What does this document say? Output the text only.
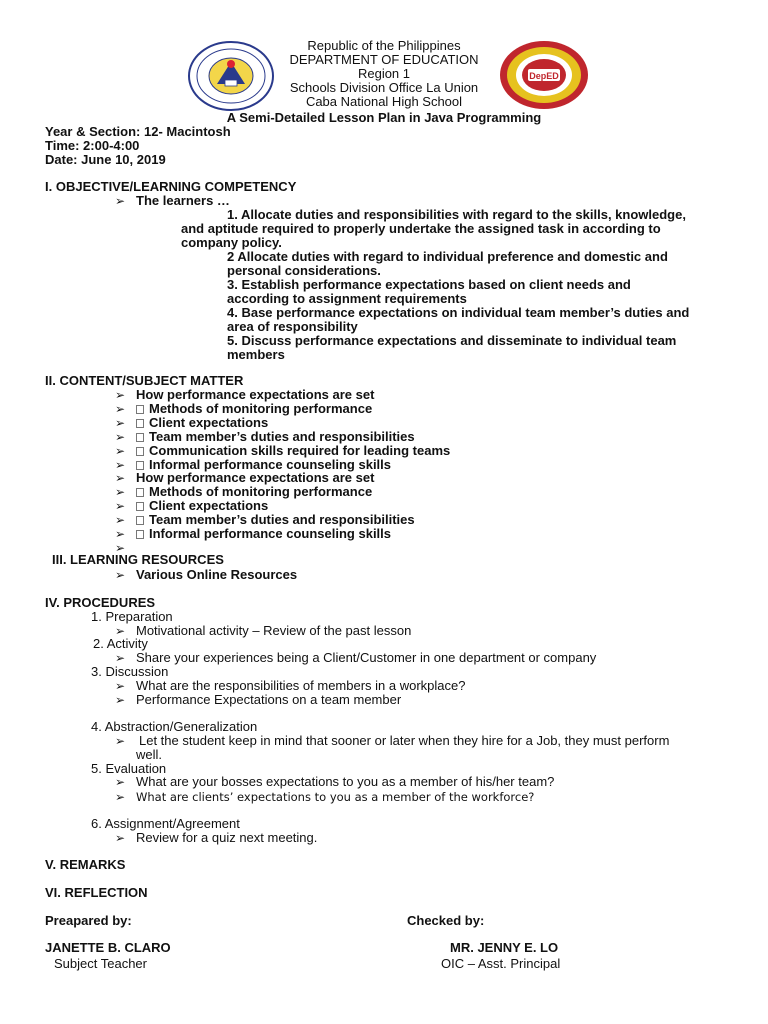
DepED
Republic of the Philippines
DEPARTMENT OF EDUCATION
Region 1
Schools Division Office La Union
Caba National High School
A Semi-Detailed Lesson Plan in Java Programming
Year & Section: 12- Macintosh
Time: 2:00-4:00
Date: June 10, 2019
I. OBJECTIVE/LEARNING COMPETENCY
➢ The learners …
1. Allocate duties and responsibilities with regard to the skills, knowledge,
and aptitude required to properly undertake the assigned task in according to
company policy.
2 Allocate duties with regard to individual preference and domestic and
personal considerations.
3. Establish performance expectations based on client needs and
according to assignment requirements
4. Base performance expectations on individual team member’s duties and
area of responsibility
5. Discuss performance expectations and disseminate to individual team
members
II. CONTENT/SUBJECT MATTER
➢ How performance expectations are set
➢	Methods of monitoring performance
➢	Client expectations
➢	Team member’s duties and responsibilities
➢	Communication skills required for leading teams
➢	Informal performance counseling skills
➢ How performance expectations are set
➢	Methods of monitoring performance
➢	Client expectations
➢	Team member’s duties and responsibilities
➢	Informal performance counseling skills
➢
III. LEARNING RESOURCES
➢ Various Online Resources
IV. PROCEDURES
1. Preparation
➢ Motivational activity – Review of the past lesson
2. Activity
➢ Share your experiences being a Client/Customer in one department or company
3. Discussion
➢ What are the responsibilities of members in a workplace?
➢ Performance Expectations on a team member
4. Abstraction/Generalization
➢ Let the student keep in mind that sooner or later when they hire for a Job, they must perform
well.
5. Evaluation
➢ What are your bosses expectations to you as a member of his/her team?
➢ What are clients’ expectations to you as a member of the workforce?
6. Assignment/Agreement
➢ Review for a quiz next meeting.
V. REMARKS
VI. REFLECTION
Preapared by:	Checked by:
JANETTE B. CLARO	MR. JENNY E. LO
Subject Teacher	OIC – Asst. Principal
